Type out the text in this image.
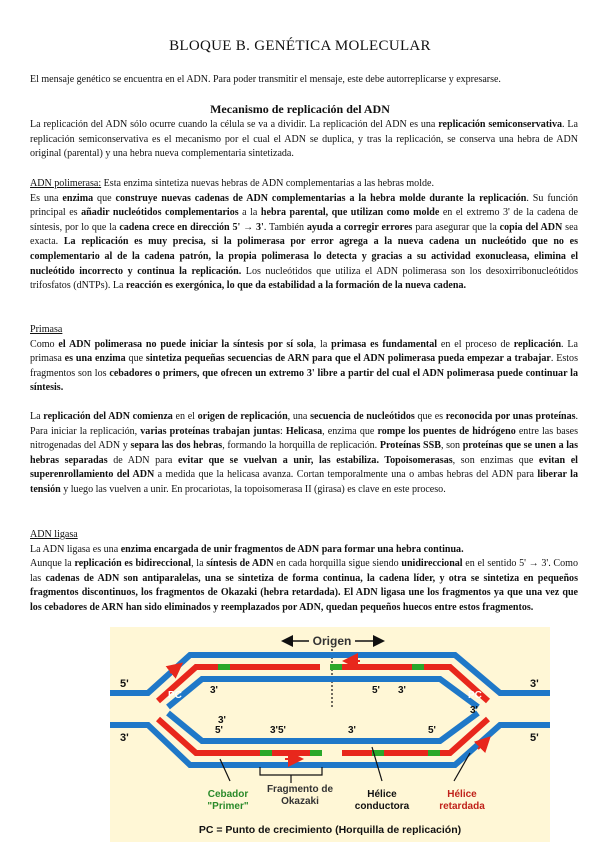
BLOQUE B. GENÉTICA MOLECULAR
El mensaje genético se encuentra en el ADN. Para poder transmitir el mensaje, este debe autorreplicarse y expresarse.
Mecanismo de replicación del ADN
La replicación del ADN sólo ocurre cuando la célula se va a dividir. La replicación del ADN es una replicación semiconservativa. La replicación semiconservativa es el mecanismo por el cual el ADN se duplica, y tras la replicación, se conserva una hebra de ADN original (parental) y una hebra nueva complementaria sintetizada.
ADN polimerasa: Esta enzima sintetiza nuevas hebras de ADN complementarias a las hebras molde.
Es una enzima que construye nuevas cadenas de ADN complementarias a la hebra molde durante la replicación. Su función principal es añadir nucleótidos complementarios a la hebra parental, que utilizan como molde en el extremo 3' de la cadena de síntesis, por lo que la cadena crece en dirección 5' → 3'. También ayuda a corregir errores para asegurar que la copia del ADN sea exacta. La replicación es muy precisa, si la polimerasa por error agrega a la nueva cadena un nucleótido que no es complementario al de la cadena patrón, la propia polimerasa lo detecta y gracias a su actividad exonucleasa, elimina el nucleótido incorrecto y continua la replicación. Los nucleótidos que utiliza el ADN polimerasa son los desoxirribonucleótidos trifosfatos (dNTPs). La reacción es exergónica, lo que da estabilidad a la formación de la nueva cadena.
Primasa
Como el ADN polimerasa no puede iniciar la síntesis por sí sola, la primasa es fundamental en el proceso de replicación. La primasa es una enzima que sintetiza pequeñas secuencias de ARN para que el ADN polimerasa pueda empezar a trabajar. Estos fragmentos son los cebadores o primers, que ofrecen un extremo 3' libre a partir del cual el ADN polimerasa puede continuar la síntesis.
La replicación del ADN comienza en el origen de replicación, una secuencia de nucleótidos que es reconocida por unas proteínas. Para iniciar la replicación, varias proteínas trabajan juntas: Helicasa, enzima que rompe los puentes de hidrógeno entre las bases nitrogenadas del ADN y separa las dos hebras, formando la horquilla de replicación. Proteínas SSB, son proteínas que se unen a las hebras separadas de ADN para evitar que se vuelvan a unir, las estabiliza. Topoisomerasas, son enzimas que evitan el superenrollamiento del ADN a medida que la helicasa avanza. Cortan temporalmente una o ambas hebras del ADN para liberar la tensión y luego las vuelven a unir. En procariotas, la topoisomerasa II (girasa) es clave en este proceso.
ADN ligasa
La ADN ligasa es una enzima encargada de unir fragmentos de ADN para formar una hebra continua.
Aunque la replicación es bidireccional, la síntesis de ADN en cada horquilla sigue siendo unidireccional en el sentido 5' → 3'. Como las cadenas de ADN son antiparalelas, una se sintetiza de forma continua, la cadena líder, y otra se sintetiza en pequeños fragmentos discontinuos, los fragmentos de Okazaki (hebra retardada). El ADN ligasa une los fragmentos ya que una vez que los cebadores de ARN han sido eliminados y reemplazados por ADN, quedan pequeños huecos entre estos fragmentos.
Origen
PC	PC
5'
3'
3'
5'
3'	5' 3'
3'
5'	3'5'	3'	5'
3'
Cebador
"Primer"
Fragmento de
Okazaki
Hélice
conductora
Hélice
retardada
PC = Punto de crecimiento (Horquilla de replicación)
